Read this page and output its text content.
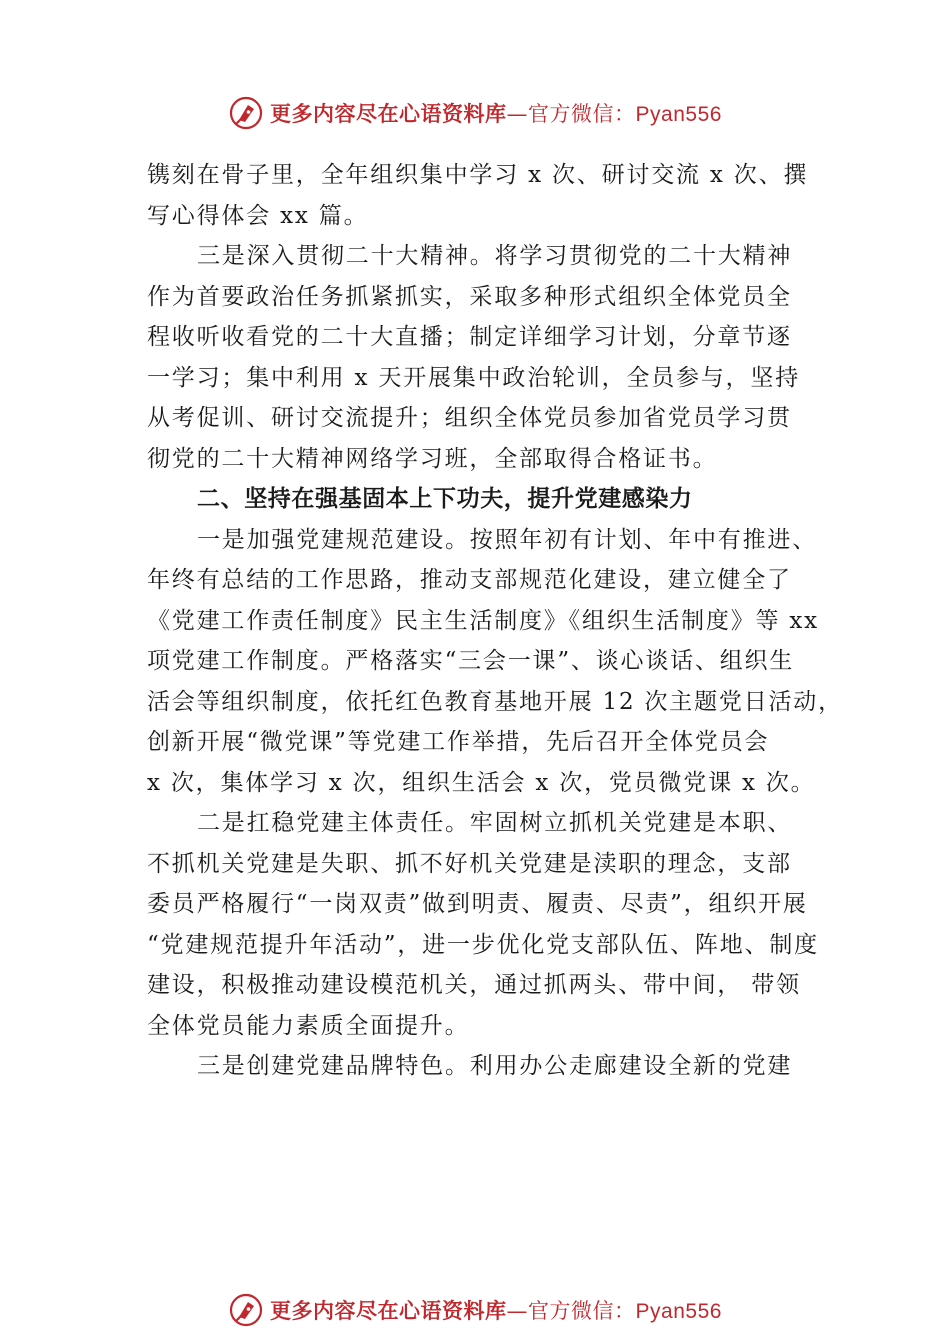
更多内容尽在心语资料库—官方微信：Pyan556
镌刻在骨子里，全年组织集中学习 x 次、研讨交流 x 次、撰
写心得体会 xx 篇。
三是深入贯彻二十大精神。将学习贯彻党的二十大精神
作为首要政治任务抓紧抓实，采取多种形式组织全体党员全
程收听收看党的二十大直播；制定详细学习计划，分章节逐
一学习；集中利用 x 天开展集中政治轮训，全员参与，坚持
从考促训、研讨交流提升；组织全体党员参加省党员学习贯
彻党的二十大精神网络学习班，全部取得合格证书。
二、坚持在强基固本上下功夫，提升党建感染力
一是加强党建规范建设。按照年初有计划、年中有推进、
年终有总结的工作思路，推动支部规范化建设，建立健全了
《党建工作责任制度》民主生活制度》《组织生活制度》等 xx
项党建工作制度。严格落实“三会一课”、谈心谈话、组织生
活会等组织制度，依托红色教育基地开展 12 次主题党日活动，
创新开展“微党课”等党建工作举措，先后召开全体党员会
x 次，集体学习 x 次，组织生活会 x 次，党员微党课 x 次。
二是扛稳党建主体责任。牢固树立抓机关党建是本职、
不抓机关党建是失职、抓不好机关党建是渎职的理念，支部
委员严格履行“一岗双责”做到明责、履责、尽责”，组织开展
“党建规范提升年活动”，进一步优化党支部队伍、阵地、制度
建设，积极推动建设模范机关，通过抓两头、带中间， 带领
全体党员能力素质全面提升。
三是创建党建品牌特色。利用办公走廊建设全新的党建
更多内容尽在心语资料库—官方微信：Pyan556
